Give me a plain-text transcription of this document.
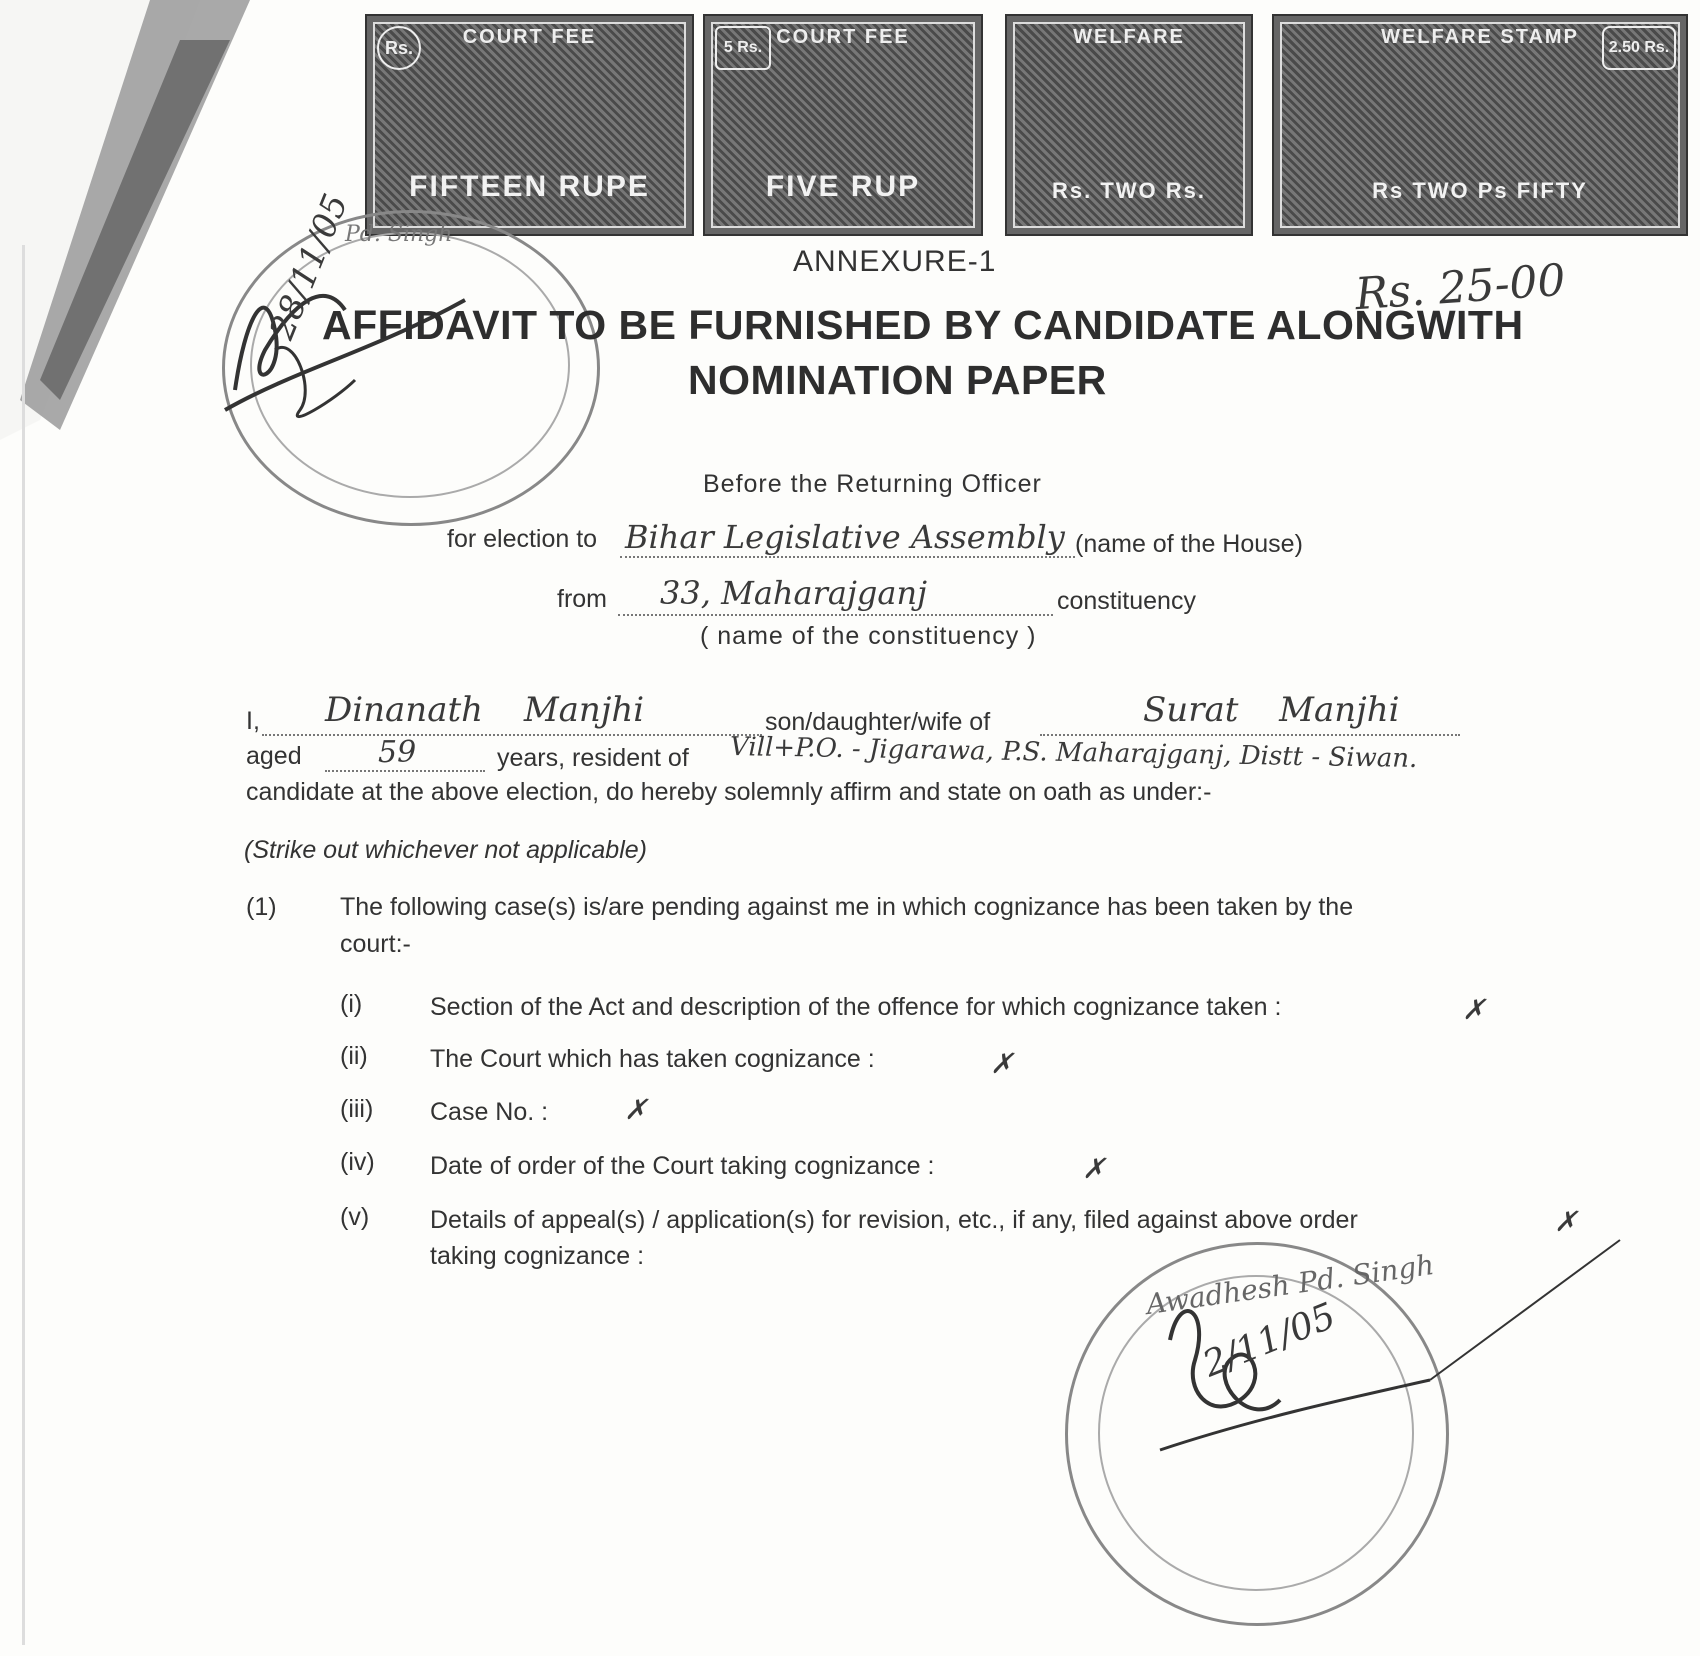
Rs.	COURT FEE
FIFTEEN RUPE
5 Rs. COURT FEE
FIVE RUP
WELFARE
Rs. TWO Rs.
2.50 Rs.
WELFARE STAMP
Rs TWO Ps FIFTY
Pd. Singh
28/11/05	ANNEXURE-1	Rs. 25-00
AFFIDAVIT TO BE FURNISHED BY CANDIDATE ALONGWITH
NOMINATION PAPER
Before the Returning Officer
for election to Bihar Legislative Assembly (name of the House)
from 33, Maharajganj	constituency
( name of the constituency )
I, Dinanath Manjhi	son/daughter/wife of	Surat Manjhi
aged	59	years, resident of Vill+P.O. - Jigarawa, P.S. Maharajganj, Distt - Siwan.
candidate at the above election, do hereby solemnly affirm and state on oath as under:-
(Strike out whichever not applicable)
(1)	The following case(s) is/are pending against me in which cognizance has been taken by the
court:-
(i)	Section of the Act and description of the offence for which cognizance taken :	✗
(ii) The Court which has taken cognizance :	✗
(iii) Case No. :	✗
(iv) Date of order of the Court taking cognizance :	✗
(v) Details of appeal(s) / application(s) for revision, etc., if any, filed against above order
taking cognizance :
✗
Awadhesh Pd. Singh
2/11/05
